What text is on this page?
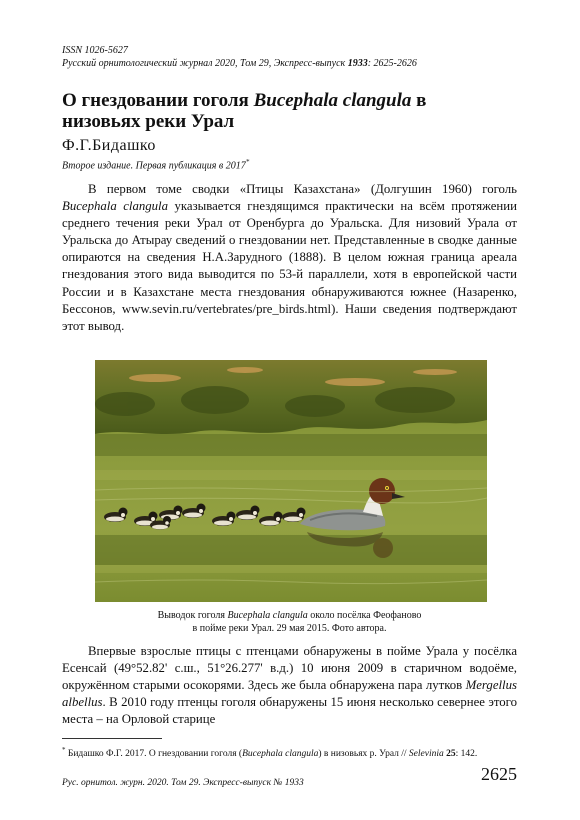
ISSN 1026-5627
Русский орнитологический журнал 2020, Том 29, Экспресс-выпуск 1933: 2625-2626
О гнездовании гоголя Bucephala clangula в низовьях реки Урал
Ф.Г.Бидашко
Второе издание. Первая публикация в 2017*

В первом томе сводки «Птицы Казахстана» (Долгушин 1960) гоголь Bucephala clangula указывается гнездящимся практически на всём протяжении среднего течения реки Урал от Оренбурга до Уральска. Для низовий Урала от Уральска до Атырау сведений о гнездовании нет. Представленные в сводке данные опираются на сведения Н.А.Зарудного (1888). В целом южная граница ареала гнездования этого вида выводится по 53-й параллели, хотя в европейской части России и в Казахстане места гнездования обнаруживаются южнее (Назаренко, Бессонов, www.sevin.ru/vertebrates/pre_birds.html). Наши сведения подтверждают этот вывод.

Выводок гоголя Bucephala clangula около посёлка Феофаново
в пойме реки Урал. 29 мая 2015. Фото автора.

Впервые взрослые птицы с птенцами обнаружены в пойме Урала у посёлка Есенсай (49°52.82' с.ш., 51°26.277' в.д.) 10 июня 2009 в старичном водоёме, окружённом старыми осокорями. Здесь же была обнаружена пара лутков Mergellus albellus. В 2010 году птенцы гоголя обнаружены 15 июня несколько севернее этого места – на Орловой старице

* Бидашко Ф.Г. 2017. О гнездовании гоголя (Bucephala clangula) в низовьях р. Урал // Selevinia 25: 142.
Рус. орнитол. журн. 2020. Том 29. Экспресс-выпуск № 1933	2625
